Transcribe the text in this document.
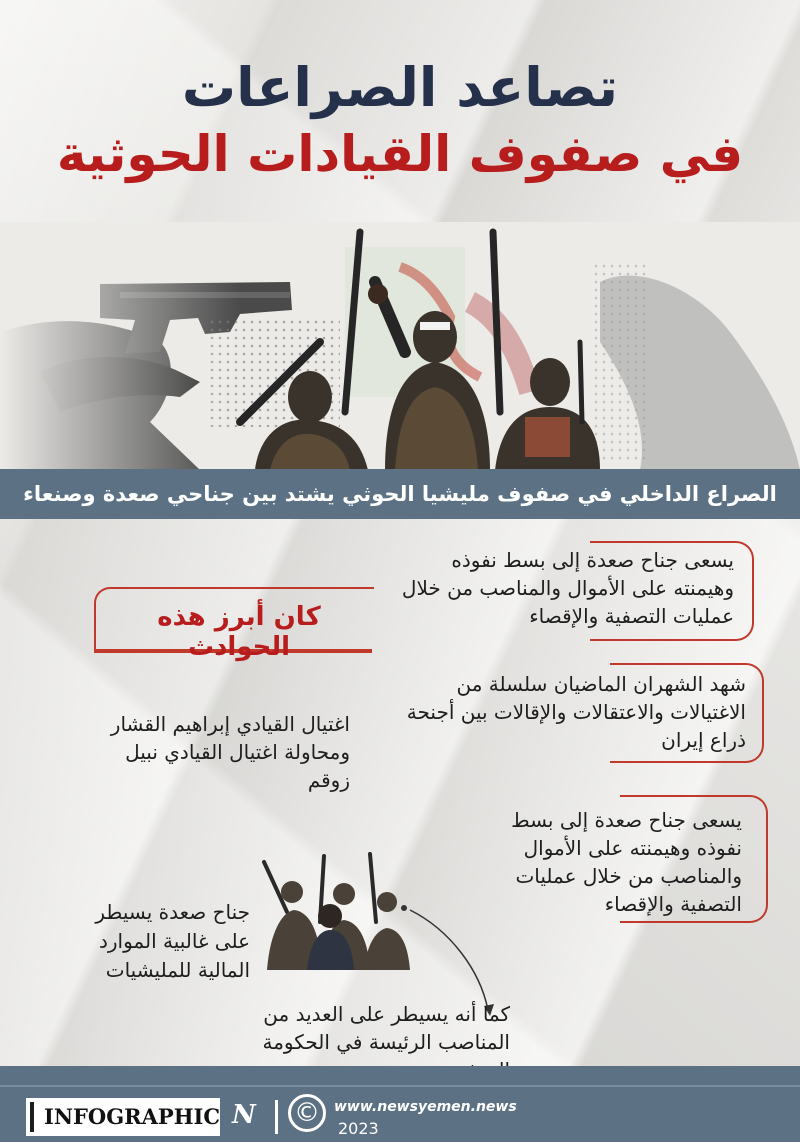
تصاعد الصراعات
في صفوف القيادات الحوثية
الصراع الداخلي في صفوف مليشيا الحوثي يشتد بين جناحي صعدة وصنعاء
يسعى جناح صعدة إلى بسط نفوذه وهيمنته على الأموال والمناصب من خلال عمليات التصفية والإقصاء
شهد الشهران الماضيان سلسلة من الاغتيالات والاعتقالات والإقالات بين أجنحة ذراع إيران
يسعى جناح صعدة إلى بسط نفوذه وهيمنته على الأموال والمناصب من خلال عمليات التصفية والإقصاء
كان أبرز هذه الحوادث
اغتيال القيادي إبراهيم القشار ومحاولة اغتيال القيادي نبيل زوقم
جناح صعدة يسيطر على غالبية الموارد المالية للمليشيات
كما أنه يسيطر على العديد من المناصب الرئيسة في الحكومة
INFOGRAPHIC N ©	www.newsyemen.news
2023
